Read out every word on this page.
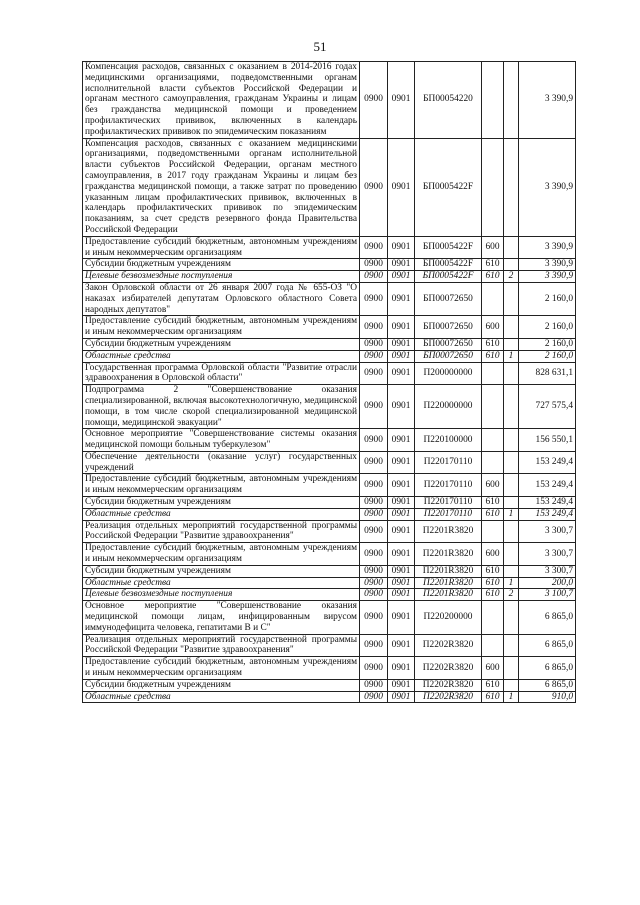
51
Компенсация расходов, связанных с оказанием в 2014-2016 годах медицинскими организациями, подведомственными органам исполнительной власти субъектов Российской Федерации и органам местного самоуправления, гражданам Украины и лицам без гражданства медицинской помощи и проведением профилактических прививок, включенных в календарь профилактических прививок по эпидемическим показаниям	0900	0901	БП00054220			3 390,9
Компенсация расходов, связанных с оказанием медицинскими организациями, подведомственными органам исполнительной власти субъектов Российской Федерации, органам местного самоуправления, в 2017 году гражданам Украины и лицам без гражданства медицинской помощи, а также затрат по проведению указанным лицам профилактических прививок, включенных в календарь профилактических прививок по эпидемическим показаниям, за счет средств резервного фонда Правительства Российской Федерации	0900	0901	БП0005422F			3 390,9
Предоставление субсидий бюджетным, автономным учреждениям и иным некоммерческим организациям	0900	0901	БП0005422F	600		3 390,9
Субсидии бюджетным учреждениям	0900	0901	БП0005422F	610		3 390,9
Целевые безвозмездные поступления	0900	0901	БП0005422F	610	2	3 390,9
Закон Орловской области от 26 января 2007 года № 655-ОЗ "О наказах избирателей депутатам Орловского областного Совета народных депутатов"	0900	0901	БП00072650			2 160,0
Предоставление субсидий бюджетным, автономным учреждениям и иным некоммерческим организациям	0900	0901	БП00072650	600		2 160,0
Субсидии бюджетным учреждениям	0900	0901	БП00072650	610		2 160,0
Областные средства	0900	0901	БП00072650	610	1	2 160,0
Государственная программа Орловской области "Развитие отрасли здравоохранения в Орловской области"	0900	0901	П200000000			828 631,1
Подпрограмма 2 "Совершенствование оказания специализированной, включая высокотехнологичную, медицинской помощи, в том числе скорой специализированной медицинской помощи, медицинской эвакуации"	0900	0901	П220000000			727 575,4
Основное мероприятие "Совершенствование системы оказания медицинской помощи больным туберкулезом"	0900	0901	П220100000			156 550,1
Обеспечение деятельности (оказание услуг) государственных учреждений	0900	0901	П220170110			153 249,4
Предоставление субсидий бюджетным, автономным учреждениям и иным некоммерческим организациям	0900	0901	П220170110	600		153 249,4
Субсидии бюджетным учреждениям	0900	0901	П220170110	610		153 249,4
Областные средства	0900	0901	П220170110	610	1	153 249,4
Реализация отдельных мероприятий государственной программы Российской Федерации "Развитие здравоохранения"	0900	0901	П2201R3820			3 300,7
Предоставление субсидий бюджетным, автономным учреждениям и иным некоммерческим организациям	0900	0901	П2201R3820	600		3 300,7
Субсидии бюджетным учреждениям	0900	0901	П2201R3820	610		3 300,7
Областные средства	0900	0901	П2201R3820	610	1	200,0
Целевые безвозмездные поступления	0900	0901	П2201R3820	610	2	3 100,7
Основное мероприятие "Совершенствование оказания медицинской помощи лицам, инфицированным вирусом иммунодефицита человека, гепатитами B и C"	0900	0901	П220200000			6 865,0
Реализация отдельных мероприятий государственной программы Российской Федерации "Развитие здравоохранения"	0900	0901	П2202R3820			6 865,0
Предоставление субсидий бюджетным, автономным учреждениям и иным некоммерческим организациям	0900	0901	П2202R3820	600		6 865,0
Субсидии бюджетным учреждениям	0900	0901	П2202R3820	610		6 865,0
Областные средства	0900	0901	П2202R3820	610	1	910,0
